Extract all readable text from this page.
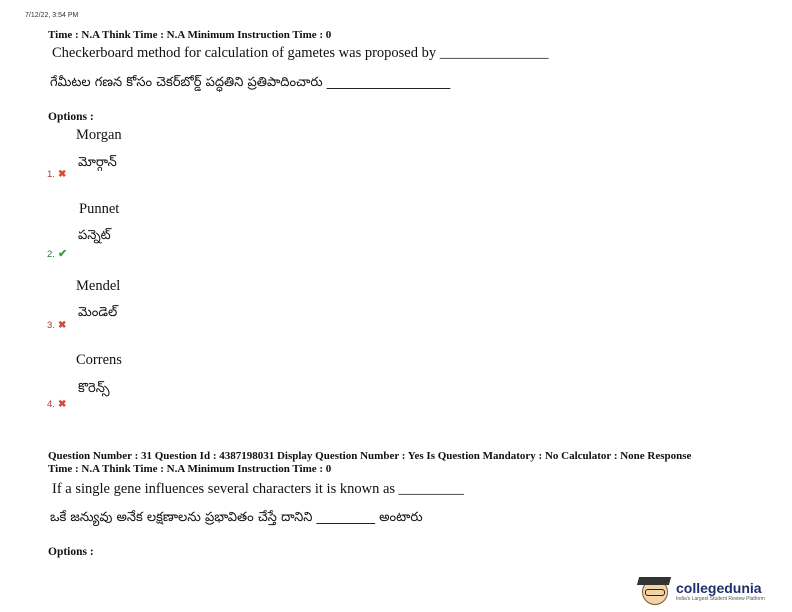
7/12/22, 3:54 PM
Time : N.A Think Time : N.A Minimum Instruction Time : 0
Checkerboard method for calculation of gametes was proposed by _______________
గేమీటల గణన కోసం చెకర్‌బోర్డ్ పద్ధతిని ప్రతిపాదించారు ___________________
Options :
Morgan
మోర్గాన్
1. ✖
Punnet
పన్నెట్
2. ✔
Mendel
మెండెల్
3. ✖
Correns
కొరెన్స్
4. ✖
Question Number : 31 Question Id : 4387198031 Display Question Number : Yes Is Question Mandatory : No Calculator : None Response
Time : N.A Think Time : N.A Minimum Instruction Time : 0
If a single gene influences several characters it is known as _________
ఒకే జన్యువు అనేక లక్షణాలను ప్రభావితం చేస్తే దానిని _________ అంటారు
Options :
collegedunia
India's Largest Student Review Platform
